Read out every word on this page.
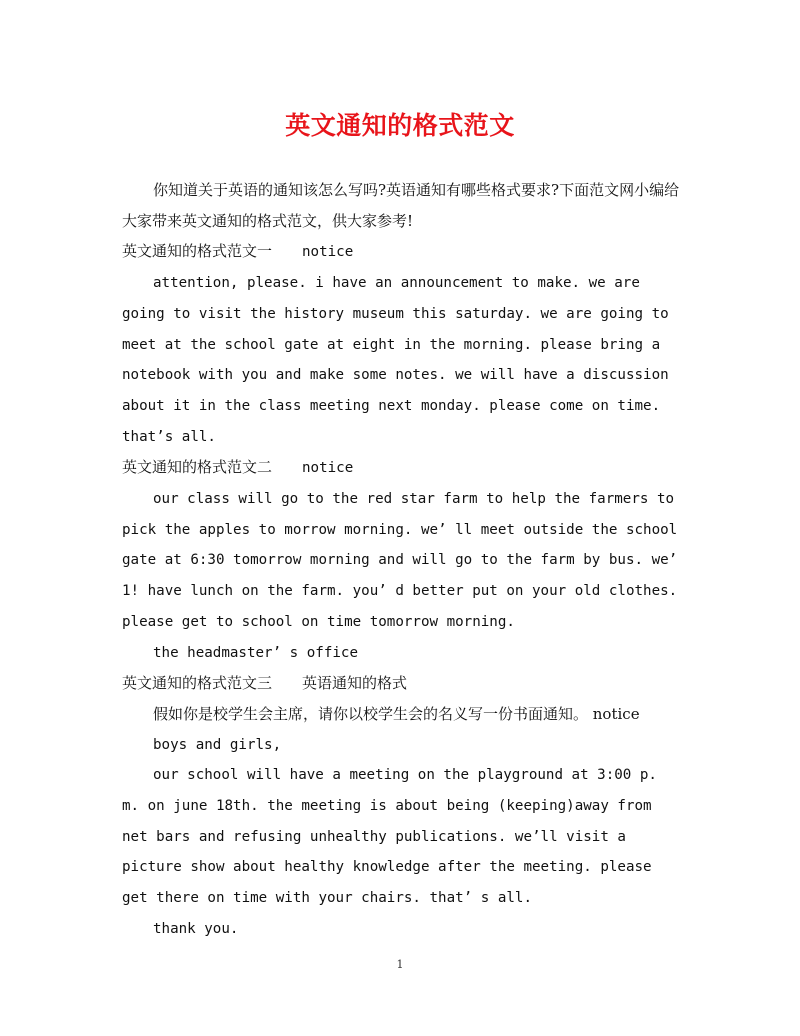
英文通知的格式范文

你知道关于英语的通知该怎么写吗?英语通知有哪些格式要求?下面范文网小编给大家带来英文通知的格式范文，供大家参考!

英文通知的格式范文一 notice

attention, please. i have an announcement to make. we are going to visit the history museum this saturday. we are going to meet at the school gate at eight in the morning. please bring a notebook with you and make some notes. we will have a discussion about it in the class meeting next monday. please come on time. that’s all.

英文通知的格式范文二 notice

our class will go to the red star farm to help the farmers to pick the apples to morrow morning. we’ ll meet outside the school gate at 6:30 tomorrow morning and will go to the farm by bus. we’ 1! have lunch on the farm. you’ d better put on your old clothes. please get to school on time tomorrow morning.

the headmaster’ s office

英文通知的格式范文三 英语通知的格式

假如你是校学生会主席，请你以校学生会的名义写一份书面通知。 notice

boys and girls,

our school will have a meeting on the playground at 3:00 p. m. on june 18th. the meeting is about being (keeping)away from net bars and refusing unhealthy publications. we’ll visit a picture show about healthy knowledge after the meeting. please get there on time with your chairs. that’ s all.

thank you.

1
